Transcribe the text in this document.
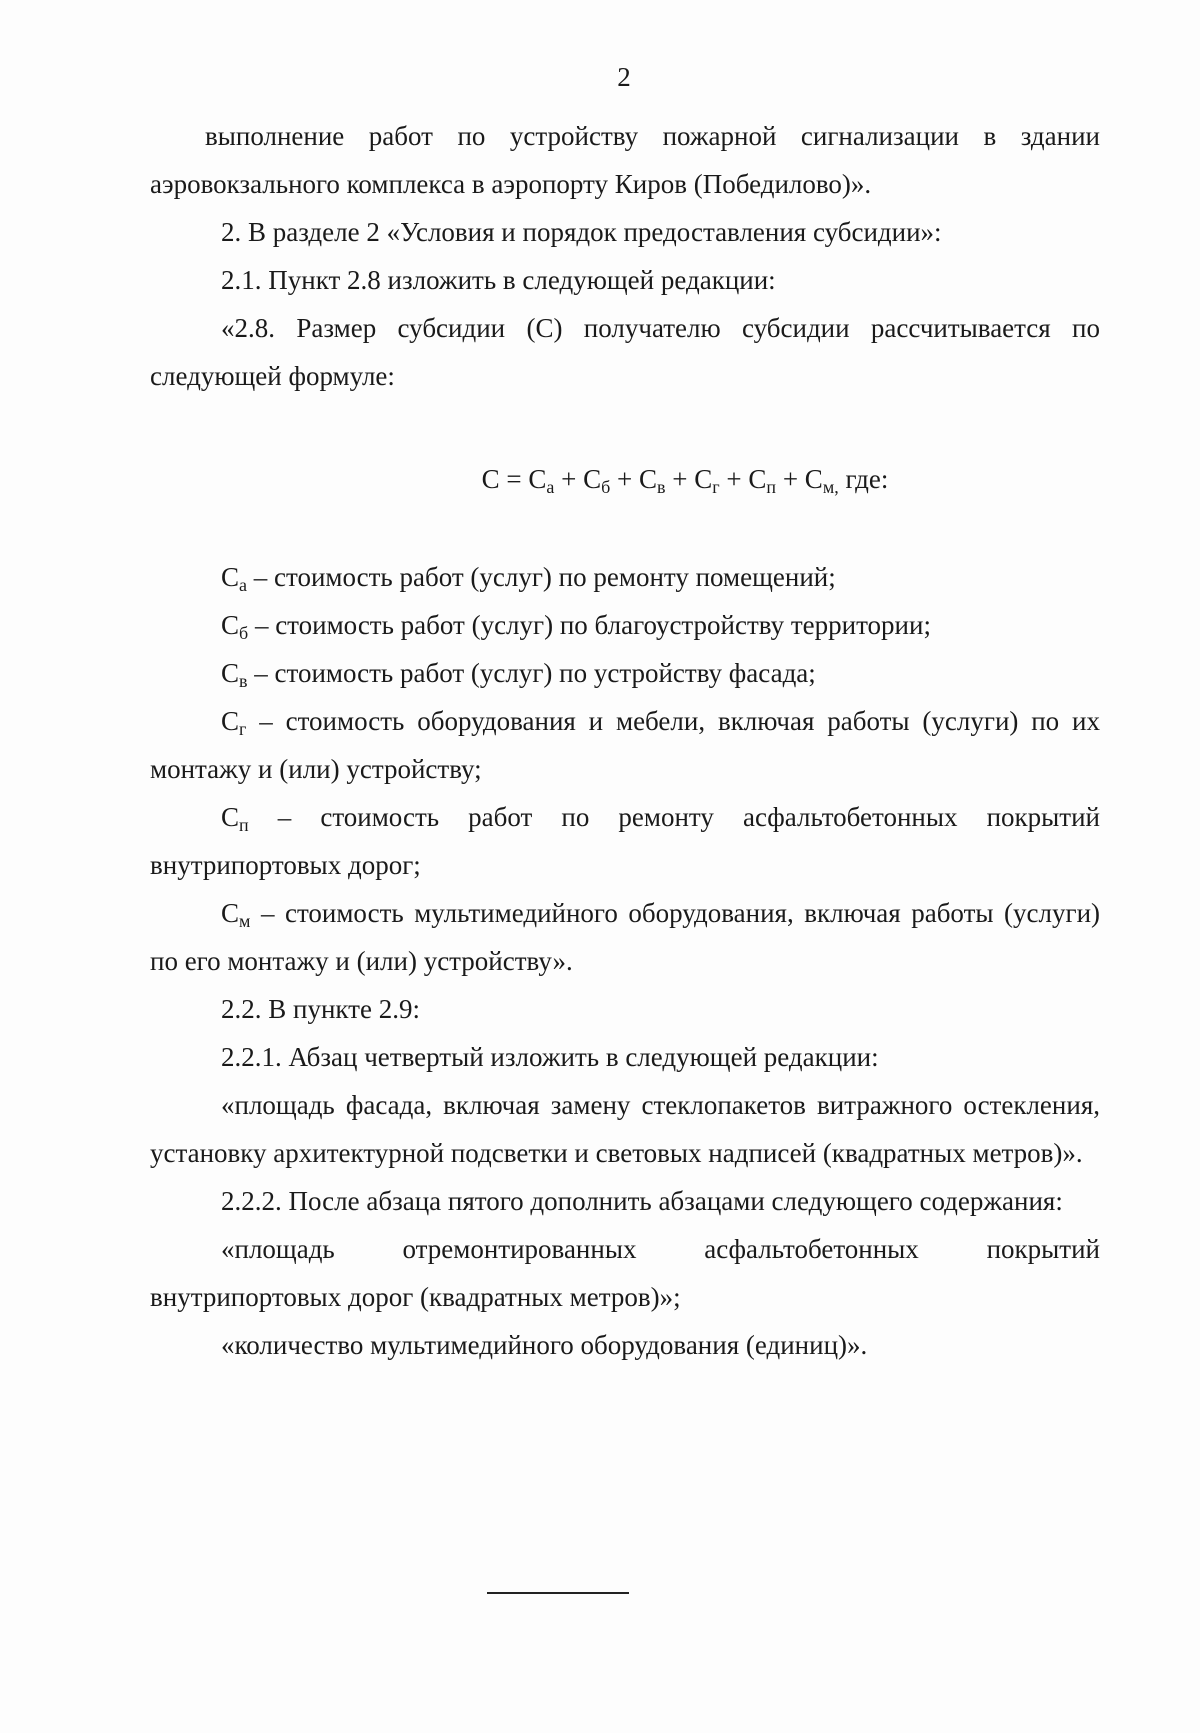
2

выполнение работ по устройству пожарной сигнализации в здании аэровокзального комплекса в аэропорту Киров (Победилово)».

2. В разделе 2 «Условия и порядок предоставления субсидии»:

2.1. Пункт 2.8 изложить в следующей редакции:

«2.8. Размер субсидии (С) получателю субсидии рассчитывается по следующей формуле:

$С = С_а + С_б + С_в + С_г + С_п + С_{м,}$ где:

$С_а$ – стоимость работ (услуг) по ремонту помещений;

$С_б$ – стоимость работ (услуг) по благоустройству территории;

$С_в$ – стоимость работ (услуг) по устройству фасада;

$С_г$ – стоимость оборудования и мебели, включая работы (услуги) по их монтажу и (или) устройству;

$С_п$ – стоимость работ по ремонту асфальтобетонных покрытий внутрипортовых дорог;

$С_м$ – стоимость мультимедийного оборудования, включая работы (услуги) по его монтажу и (или) устройству».

2.2. В пункте 2.9:

2.2.1. Абзац четвертый изложить в следующей редакции:

«площадь фасада, включая замену стеклопакетов витражного остекления, установку архитектурной подсветки и световых надписей (квадратных метров)».

2.2.2. После абзаца пятого дополнить абзацами следующего содержания:

«площадь отремонтированных асфальтобетонных покрытий внутрипортовых дорог (квадратных метров)»;

«количество мультимедийного оборудования (единиц)».
